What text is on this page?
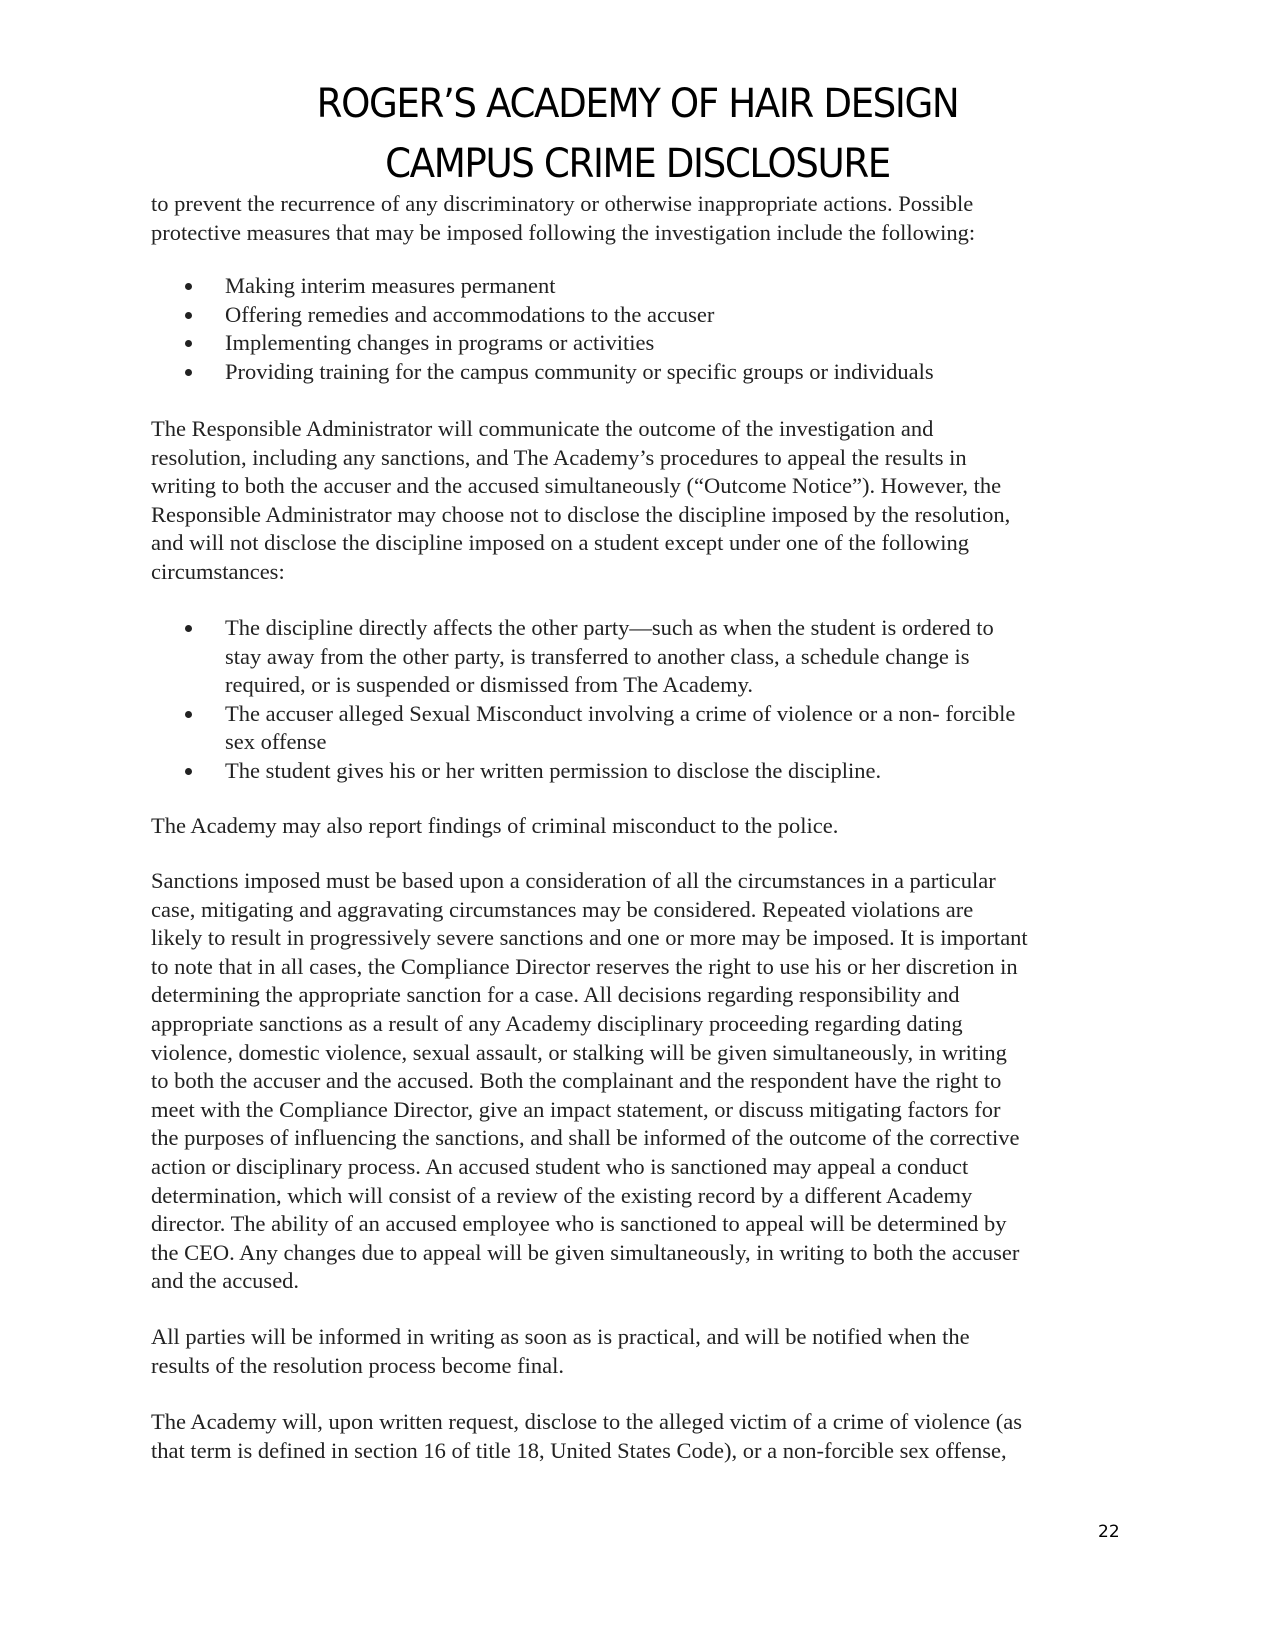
ROGER’S ACADEMY OF HAIR DESIGN
CAMPUS CRIME DISCLOSURE
to prevent the recurrence of any discriminatory or otherwise inappropriate actions. Possible
protective measures that may be imposed following the investigation include the following:
Making interim measures permanent
Offering remedies and accommodations to the accuser
Implementing changes in programs or activities
Providing training for the campus community or specific groups or individuals
The Responsible Administrator will communicate the outcome of the investigation and
resolution, including any sanctions, and The Academy’s procedures to appeal the results in
writing to both the accuser and the accused simultaneously (“Outcome Notice”). However, the
Responsible Administrator may choose not to disclose the discipline imposed by the resolution,
and will not disclose the discipline imposed on a student except under one of the following
circumstances:
The discipline directly affects the other party—such as when the student is ordered to
stay away from the other party, is transferred to another class, a schedule change is
required, or is suspended or dismissed from The Academy.
The accuser alleged Sexual Misconduct involving a crime of violence or a non- forcible
sex offense
The student gives his or her written permission to disclose the discipline.
The Academy may also report findings of criminal misconduct to the police.
Sanctions imposed must be based upon a consideration of all the circumstances in a particular
case, mitigating and aggravating circumstances may be considered. Repeated violations are
likely to result in progressively severe sanctions and one or more may be imposed. It is important
to note that in all cases, the Compliance Director reserves the right to use his or her discretion in
determining the appropriate sanction for a case. All decisions regarding responsibility and
appropriate sanctions as a result of any Academy disciplinary proceeding regarding dating
violence, domestic violence, sexual assault, or stalking will be given simultaneously, in writing
to both the accuser and the accused. Both the complainant and the respondent have the right to
meet with the Compliance Director, give an impact statement, or discuss mitigating factors for
the purposes of influencing the sanctions, and shall be informed of the outcome of the corrective
action or disciplinary process. An accused student who is sanctioned may appeal a conduct
determination, which will consist of a review of the existing record by a different Academy
director. The ability of an accused employee who is sanctioned to appeal will be determined by
the CEO. Any changes due to appeal will be given simultaneously, in writing to both the accuser
and the accused.
All parties will be informed in writing as soon as is practical, and will be notified when the
results of the resolution process become final.
The Academy will, upon written request, disclose to the alleged victim of a crime of violence (as
that term is defined in section 16 of title 18, United States Code), or a non-forcible sex offense,
22
